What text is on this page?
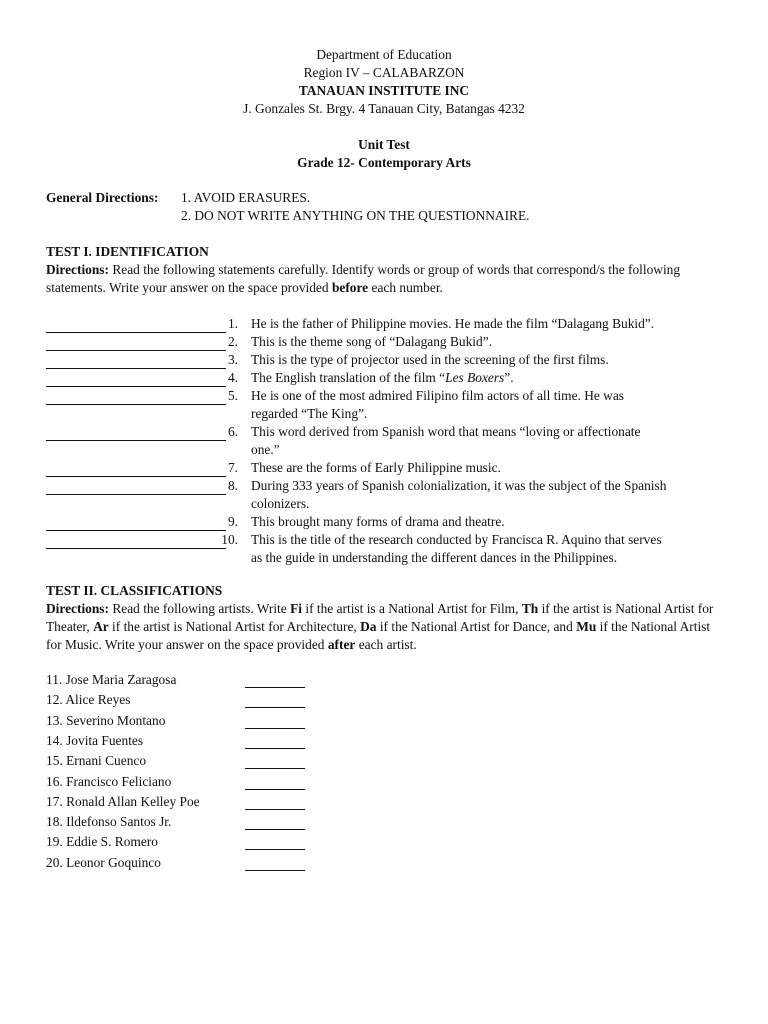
Department of Education
Region IV – CALABARZON
TANAUAN INSTITUTE INC
J. Gonzales St. Brgy. 4 Tanauan City, Batangas 4232
Unit Test
Grade 12- Contemporary Arts
General Directions: 1. AVOID ERASURES.
2. DO NOT WRITE ANYTHING ON THE QUESTIONNAIRE.
TEST I. IDENTIFICATION
Directions: Read the following statements carefully. Identify words or group of words that correspond/s the following statements. Write your answer on the space provided before each number.
1. He is the father of Philippine movies. He made the film “Dalagang Bukid”.
2. This is the theme song of “Dalagang Bukid”.
3. This is the type of projector used in the screening of the first films.
4. The English translation of the film “Les Boxers”.
5. He is one of the most admired Filipino film actors of all time. He was
regarded “The King”.
6. This word derived from Spanish word that means “loving or affectionate
one.”
7. These are the forms of Early Philippine music.
8. During 333 years of Spanish colonialization, it was the subject of the Spanish
colonizers.
9. This brought many forms of drama and theatre.
10. This is the title of the research conducted by Francisca R. Aquino that serves
as the guide in understanding the different dances in the Philippines.
TEST II. CLASSIFICATIONS
Directions: Read the following artists. Write Fi if the artist is a National Artist for Film, Th if the artist is National Artist for Theater, Ar if the artist is National Artist for Architecture, Da if the National Artist for Dance, and Mu if the National Artist for Music. Write your answer on the space provided after each artist.
11. Jose Maria Zaragosa
12. Alice Reyes
13. Severino Montano
14. Jovita Fuentes
15. Ernani Cuenco
16. Francisco Feliciano
17. Ronald Allan Kelley Poe
18. Ildefonso Santos Jr.
19. Eddie S. Romero
20. Leonor Goquinco
